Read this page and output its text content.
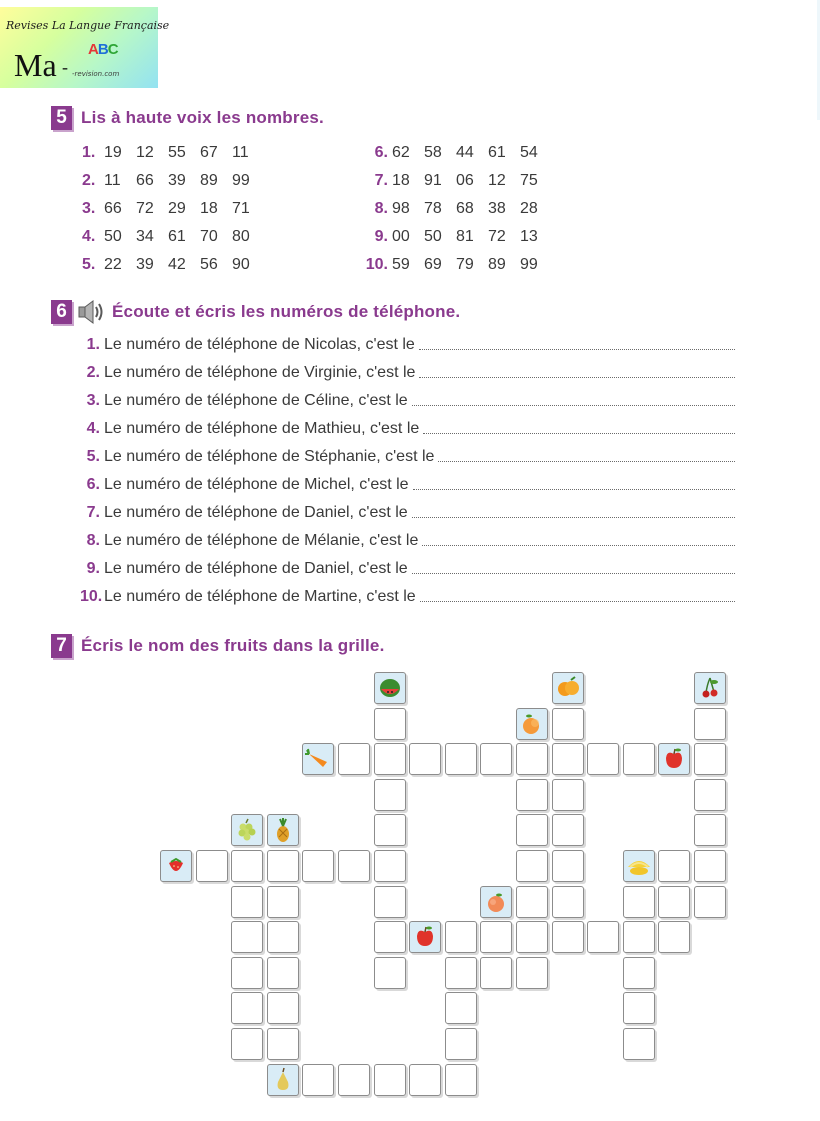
Revises La Langue Française
Ma -
ABC
-revision.com
5 Lis à haute voix les nombres.
1. 19 12 55 67 11
2. 11 66 39 89 99
3. 66 72 29 18 71
4. 50 34 61 70 80
5. 22 39 42 56 90
6. 62 58 44 61 54
7. 18 91 06 12 75
8. 98 78 68 38 28
9. 00 50 81 72 13
10. 59 69 79 89 99
6	Écoute et écris les numéros de téléphone.
1. Le numéro de téléphone de Nicolas, c'est le
2. Le numéro de téléphone de Virginie, c'est le
3. Le numéro de téléphone de Céline, c'est le
4. Le numéro de téléphone de Mathieu, c'est le
5. Le numéro de téléphone de Stéphanie, c'est le
6. Le numéro de téléphone de Michel, c'est le
7. Le numéro de téléphone de Daniel, c'est le
8. Le numéro de téléphone de Mélanie, c'est le
9. Le numéro de téléphone de Daniel, c'est le
10. Le numéro de téléphone de Martine, c'est le
7 Écris le nom des fruits dans la grille.
